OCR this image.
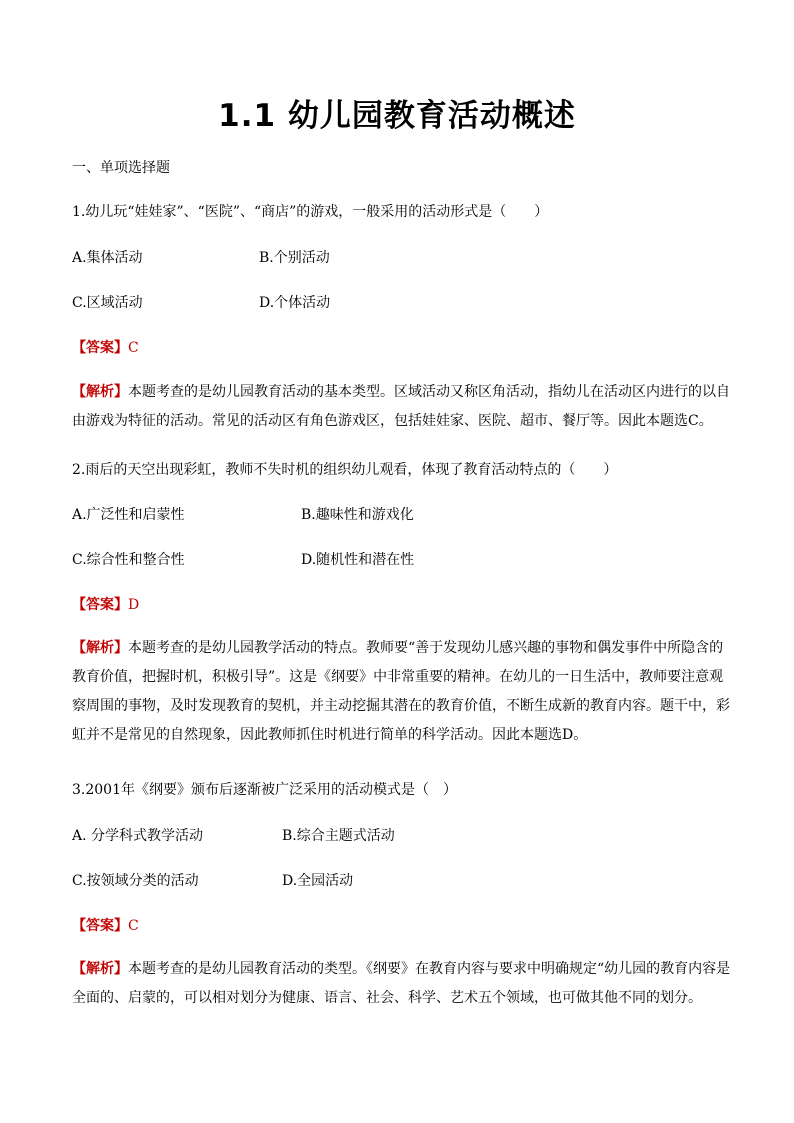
1.1 幼儿园教育活动概述
一、单项选择题
1.幼儿玩“娃娃家”、“医院”、“商店”的游戏，一般采用的活动形式是（　　）
A.集体活动	B.个别活动
C.区域活动	D.个体活动
【答案】C
【解析】本题考查的是幼儿园教育活动的基本类型。区域活动又称区角活动，指幼儿在活动区内进行的以自由游戏为特征的活动。常见的活动区有角色游戏区，包括娃娃家、医院、超市、餐厅等。因此本题选C。
2.雨后的天空出现彩虹，教师不失时机的组织幼儿观看，体现了教育活动特点的（　　）
A.广泛性和启蒙性	B.趣味性和游戏化
C.综合性和整合性	D.随机性和潜在性
【答案】D
【解析】本题考查的是幼儿园教学活动的特点。教师要“善于发现幼儿感兴趣的事物和偶发事件中所隐含的教育价值，把握时机，积极引导”。这是《纲要》中非常重要的精神。在幼儿的一日生活中，教师要注意观察周围的事物，及时发现教育的契机，并主动挖掘其潜在的教育价值，不断生成新的教育内容。题干中，彩虹并不是常见的自然现象，因此教师抓住时机进行简单的科学活动。因此本题选D。
3.2001年《纲要》颁布后逐渐被广泛采用的活动模式是（　）
A. 分学科式教学活动	B.综合主题式活动
C.按领域分类的活动	D.全园活动
【答案】C
【解析】本题考查的是幼儿园教育活动的类型。《纲要》在教育内容与要求中明确规定“幼儿园的教育内容是全面的、启蒙的，可以相对划分为健康、语言、社会、科学、艺术五个领域，也可做其他不同的划分。
